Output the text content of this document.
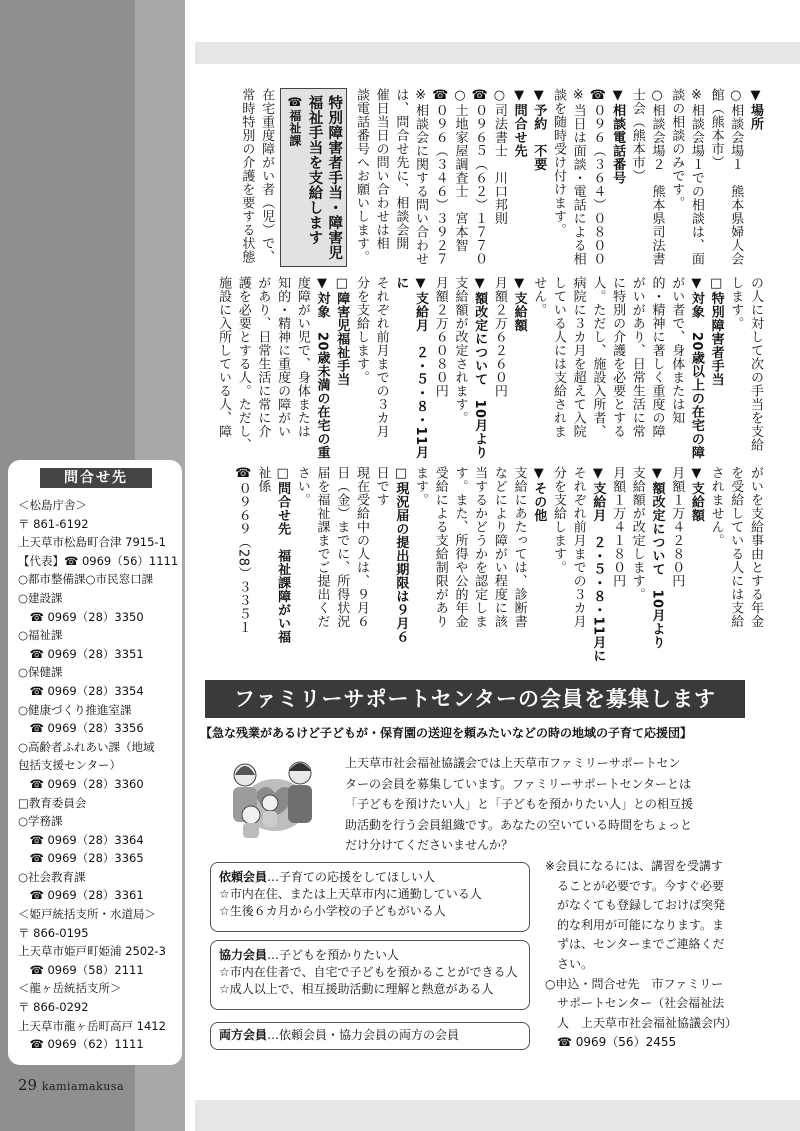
問合せ先
＜松島庁舎＞
〒 861-6192
上天草市松島町合津 7915-1
【代表】☎ 0969（56）1111
○都市整備課○市民窓口課
○建設課
　☎ 0969（28）3350
○福祉課
　☎ 0969（28）3351
○保健課
　☎ 0969（28）3354
○健康づくり推進室課
　☎ 0969（28）3356
○高齢者ふれあい課（地域
包括支援センター）
　☎ 0969（28）3360
□教育委員会
○学務課
　☎ 0969（28）3364
　☎ 0969（28）3365
○社会教育課
　☎ 0969（28）3361
＜姫戸統括支所・水道局＞
〒 866-0195
上天草市姫戸町姫浦 2502-3
　☎ 0969（58）2111
＜龍ヶ岳統括支所＞
〒 866-0292
上天草市龍ヶ岳町高戸 1412
　☎ 0969（62）1111
29 kamiamakusa

▼場所

○相談会場１　熊本県婦人会

館（熊本市）

※相談会場１での相談は、面

談の相談のみです。

○相談会場２　熊本県司法書

士会（熊本市）

▼相談電話番号

☎０９６（３６４）０８００

※当日は面談・電話による相

談を随時受け付けます。

▼予約　不要

▼問合せ先

○司法書士　川口邦則

☎０９６５（６２）１７７０

○土地家屋調査士　宮本智

☎０９６（３４６）３９２７

※相談会に関する問い合わせ

は、問合せ先に、相談会開

催日当日の問い合わせは相

談電話番号へお願いします。

特別障害者手当・障害児
福祉手当を支給します
☎福祉課

在宅重度障がい者（児）で、

常時特別の介護を要する状態

の人に対して次の手当を支給

します。

□特別障害者手当

▼対象　20歳以上の在宅の障

がい者で、身体または知

的・精神に著しく重度の障

がいがあり、日常生活に常

に特別の介護を必要とする

人。ただし、施設入所者、

病院に３カ月を超えて入院

している人には支給されま

せん。

▼支給額

月額２万６２６０円

▼額改定について　10月より

支給額が改定されます。

月額２万６０８０円

▼支給月　２・５・８・11月に

それぞれ前月までの３カ月

分を支給します。

□障害児福祉手当

▼対象　20歳未満の在宅の重

度障がい児で、身体または

知的・精神に重度の障がい

があり、日常生活に常に介

護を必要とする人。ただし、

施設に入所している人、障

がいを支給事由とする年金

を受給している人には支給

されません。

▼支給額

月額１万４２８０円

▼額改定について　10月より

支給額が改定します。

月額１万４１８０円

▼支給月　２・５・８・11月に

それぞれ前月までの３カ月

分を支給します。

▼その他

支給にあたっては、診断書

などにより障がい程度に該

当するかどうかを認定しま

す。また、所得や公的年金

受給による支給制限があり

ます。

□現況届の提出期限は９月６

日です

現在受給中の人は、９月６

日（金）までに、所得状況

届を福祉課までご提出くだ

さい。

□問合せ先　福祉課障がい福

祉係

☎０９６９（28）３３５１

ファミリーサポートセンターの会員を募集します
【急な残業があるけど子どもが・保育園の送迎を頼みたいなどの時の地域の子育て応援団】
上天草市社会福祉協議会では上天草市ファミリーサポートセン
ターの会員を募集しています。ファミリーサポートセンターとは
「子どもを預けたい人」と「子どもを預かりたい人」との相互援
助活動を行う会員組織です。あなたの空いている時間をちょっと
だけ分けてくださいませんか？
依頼会員…子育ての応援をしてほしい人
☆市内在住、または上天草市内に通勤している人
☆生後６カ月から小学校の子どもがいる人
協力会員…子どもを預かりたい人
☆市内在住者で、自宅で子どもを預かることができる人
☆成人以上で、相互援助活動に理解と熱意がある人
両方会員…依頼会員・協力会員の両方の会員
※会員になるには、講習を受講す
　ることが必要です。今すぐ必要
　がなくても登録しておけば突発
　的な利用が可能になります。ま
　ずは、センターまでご連絡くだ
　さい。
○申込・問合せ先　市ファミリー
　サポートセンター（社会福祉法
　人　上天草市社会福祉協議会内）
　☎ 0969（56）2455
